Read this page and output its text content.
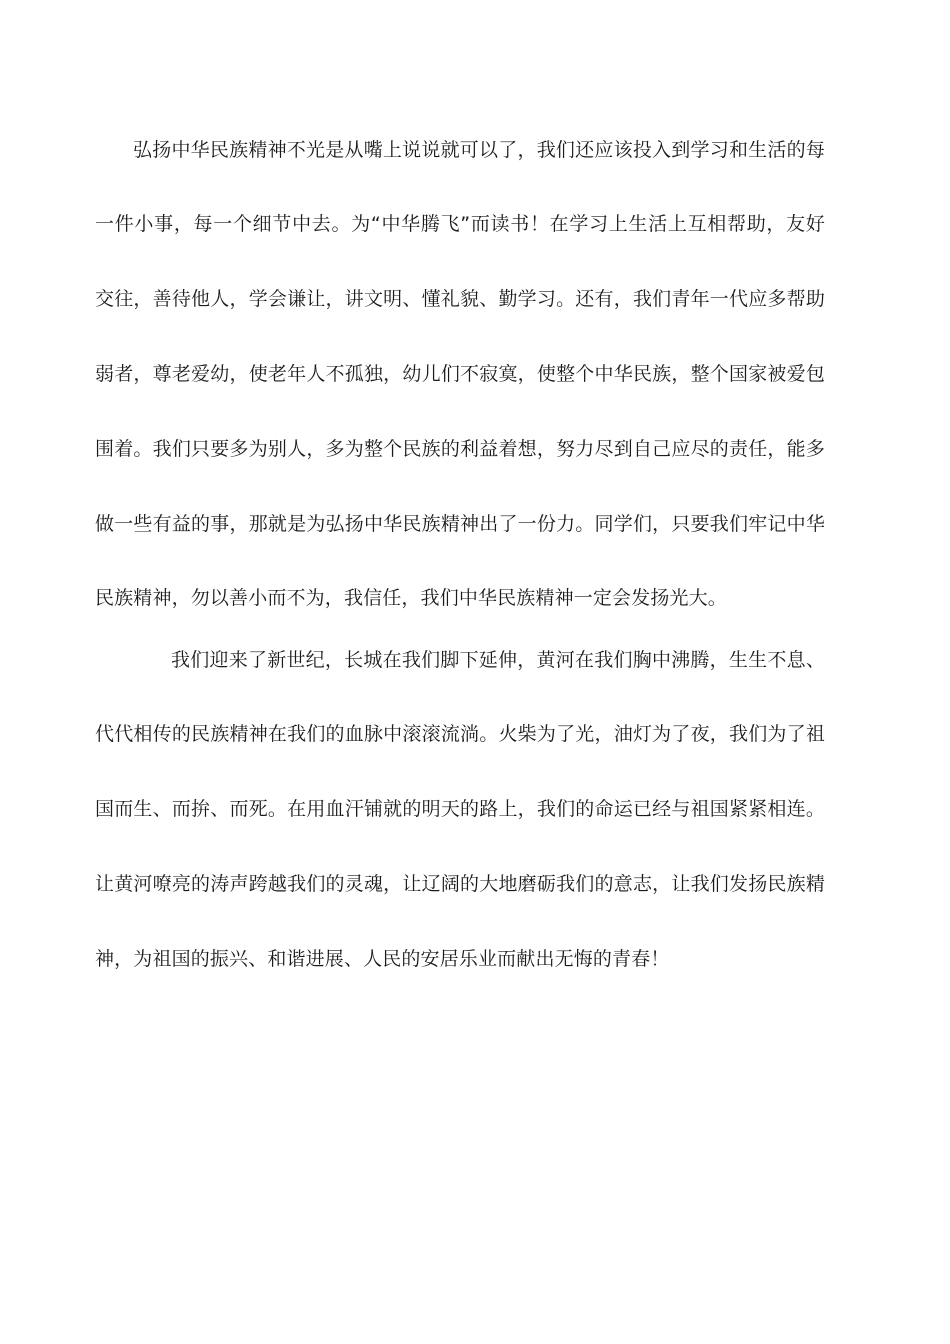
弘扬中华民族精神不光是从嘴上说说就可以了，我们还应该投入到学习和生活的每
一件小事，每一个细节中去。为“中华腾飞”而读书！在学习上生活上互相帮助，友好
交往，善待他人，学会谦让，讲文明、懂礼貌、勤学习。还有，我们青年一代应多帮助
弱者，尊老爱幼，使老年人不孤独，幼儿们不寂寞，使整个中华民族，整个国家被爱包
围着。我们只要多为别人，多为整个民族的利益着想，努力尽到自己应尽的责任，能多
做一些有益的事，那就是为弘扬中华民族精神出了一份力。同学们，只要我们牢记中华
民族精神，勿以善小而不为，我信任，我们中华民族精神一定会发扬光大。
我们迎来了新世纪，长城在我们脚下延伸，黄河在我们胸中沸腾，生生不息、
代代相传的民族精神在我们的血脉中滚滚流淌。火柴为了光，油灯为了夜，我们为了祖
国而生、而拚、而死。在用血汗铺就的明天的路上，我们的命运已经与祖国紧紧相连。
让黄河嘹亮的涛声跨越我们的灵魂，让辽阔的大地磨砺我们的意志，让我们发扬民族精
神，为祖国的振兴、和谐进展、人民的安居乐业而献出无悔的青春！
